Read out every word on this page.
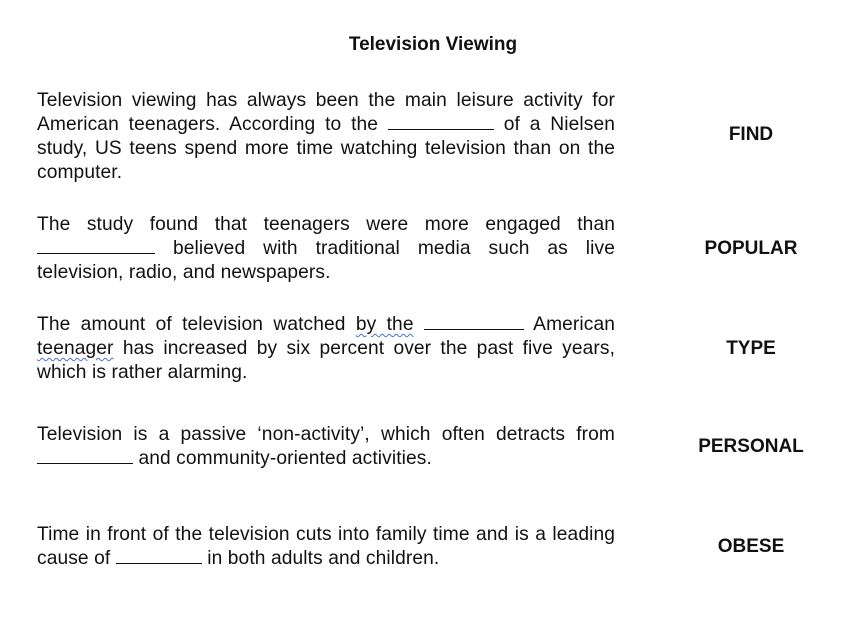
Television Viewing
Television viewing has always been the main leisure activity for American teenagers. According to the	of a Nielsen study, US teens spend more time watching television than on the computer.
FIND
The study found that teenagers were more engaged than  believed with traditional media such as live television, radio, and newspapers.
POPULAR
The amount of television watched by the	American teenager has increased by six percent over the past five years, which is rather alarming.
TYPE
Television is a passive ‘non-activity’, which often detracts from  and community-oriented activities.
PERSONAL
Time in front of the television cuts into family time and is a leading cause of	in both adults and children.
OBESE
